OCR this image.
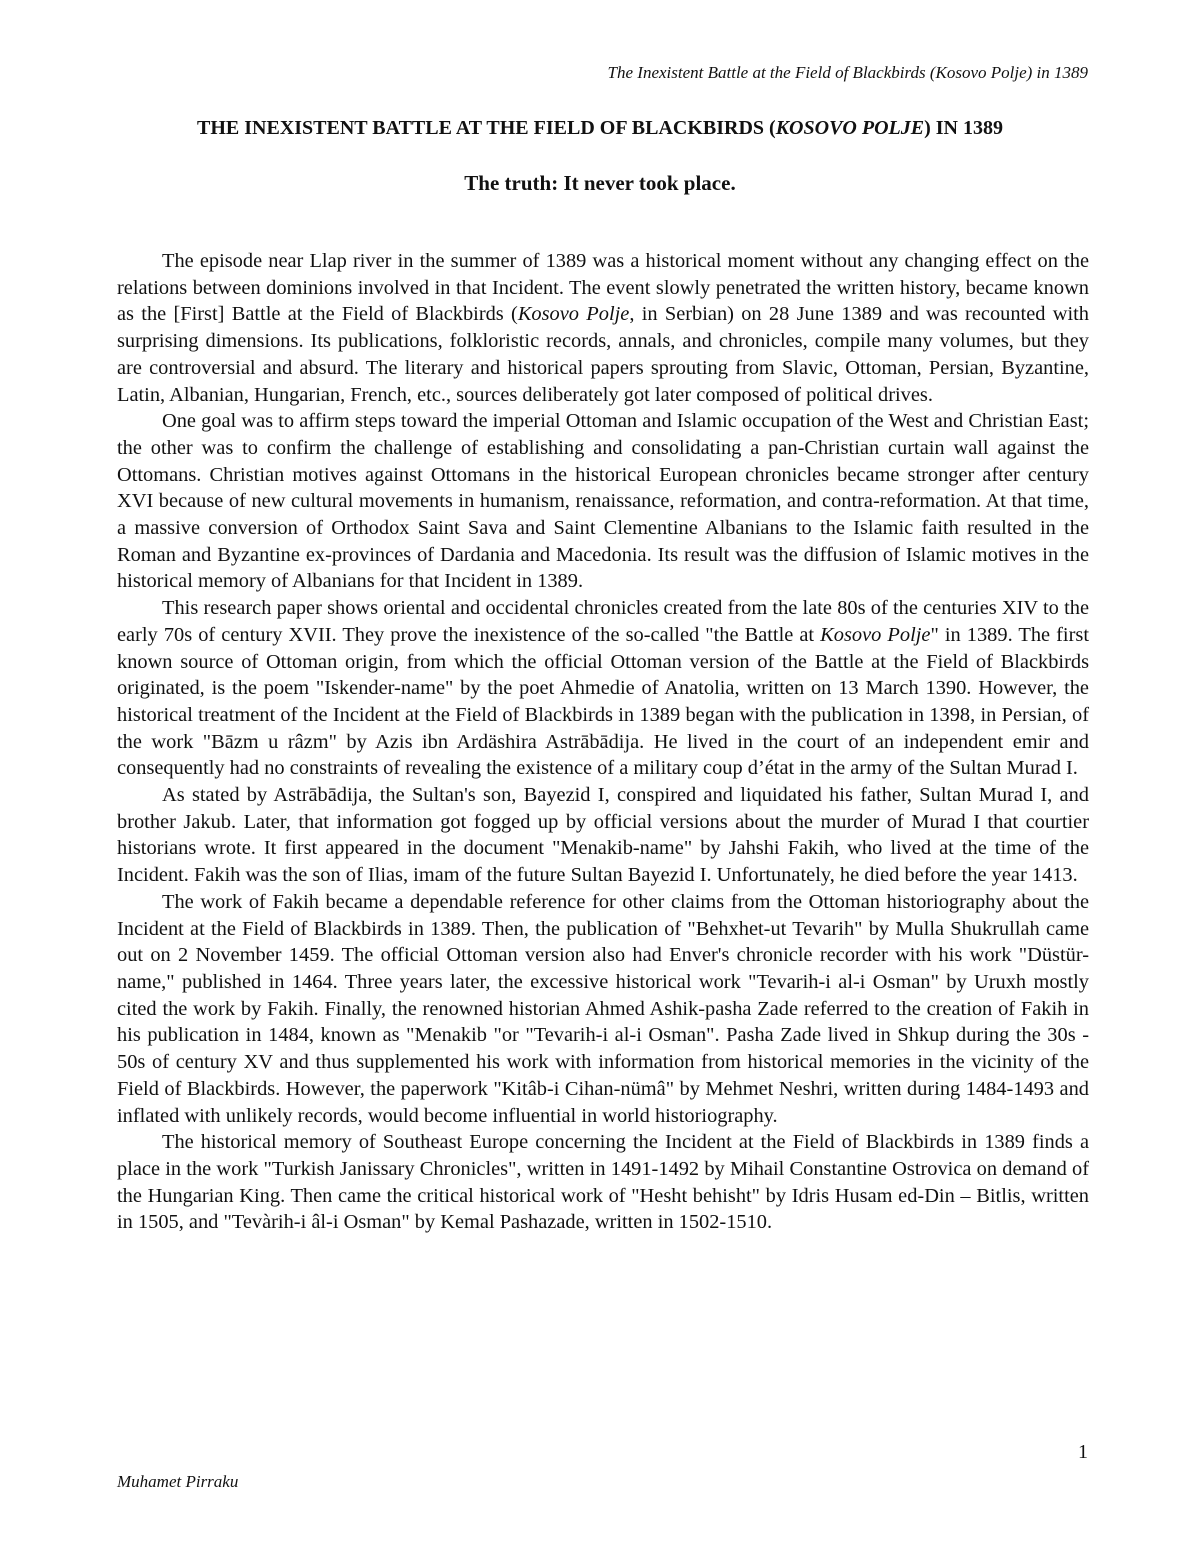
The Inexistent Battle at the Field of Blackbirds (Kosovo Polje) in 1389
THE INEXISTENT BATTLE AT THE FIELD OF BLACKBIRDS (KOSOVO POLJE) IN 1389
The truth: It never took place.

The episode near Llap river in the summer of 1389 was a historical moment without any changing effect on the relations between dominions involved in that Incident. The event slowly penetrated the written history, became known as the [First] Battle at the Field of Blackbirds (Kosovo Polje, in Serbian) on 28 June 1389 and was recounted with surprising dimensions. Its publications, folkloristic records, annals, and chronicles, compile many volumes, but they are controversial and absurd. The literary and historical papers sprouting from Slavic, Ottoman, Persian, Byzantine, Latin, Albanian, Hungarian, French, etc., sources deliberately got later composed of political drives.

One goal was to affirm steps toward the imperial Ottoman and Islamic occupation of the West and Christian East; the other was to confirm the challenge of establishing and consolidating a pan-Christian curtain wall against the Ottomans. Christian motives against Ottomans in the historical European chronicles became stronger after century XVI because of new cultural movements in humanism, renaissance, reformation, and contra-reformation. At that time, a massive conversion of Orthodox Saint Sava and Saint Clementine Albanians to the Islamic faith resulted in the Roman and Byzantine ex-provinces of Dardania and Macedonia. Its result was the diffusion of Islamic motives in the historical memory of Albanians for that Incident in 1389.

This research paper shows oriental and occidental chronicles created from the late 80s of the centuries XIV to the early 70s of century XVII. They prove the inexistence of the so-called "the Battle at Kosovo Polje" in 1389. The first known source of Ottoman origin, from which the official Ottoman version of the Battle at the Field of Blackbirds originated, is the poem "Iskender-name" by the poet Ahmedie of Anatolia, written on 13 March 1390. However, the historical treatment of the Incident at the Field of Blackbirds in 1389 began with the publication in 1398, in Persian, of the work "Bāzm u râzm" by Azis ibn Ardäshira Astrābādija. He lived in the court of an independent emir and consequently had no constraints of revealing the existence of a military coup d’état in the army of the Sultan Murad I.

As stated by Astrābādija, the Sultan's son, Bayezid I, conspired and liquidated his father, Sultan Murad I, and brother Jakub. Later, that information got fogged up by official versions about the murder of Murad I that courtier historians wrote. It first appeared in the document "Menakib-name" by Jahshi Fakih, who lived at the time of the Incident. Fakih was the son of Ilias, imam of the future Sultan Bayezid I. Unfortunately, he died before the year 1413.

The work of Fakih became a dependable reference for other claims from the Ottoman historiography about the Incident at the Field of Blackbirds in 1389. Then, the publication of "Behxhet-ut Tevarih" by Mulla Shukrullah came out on 2 November 1459. The official Ottoman version also had Enver's chronicle recorder with his work "Düstür-name," published in 1464. Three years later, the excessive historical work "Tevarih-i al-i Osman" by Uruxh mostly cited the work by Fakih. Finally, the renowned historian Ahmed Ashik-pasha Zade referred to the creation of Fakih in his publication in 1484, known as "Menakib "or "Tevarih-i al-i Osman". Pasha Zade lived in Shkup during the 30s - 50s of century XV and thus supplemented his work with information from historical memories in the vicinity of the Field of Blackbirds. However, the paperwork "Kitâb-i Cihan-nümâ" by Mehmet Neshri, written during 1484-1493 and inflated with unlikely records, would become influential in world historiography.

The historical memory of Southeast Europe concerning the Incident at the Field of Blackbirds in 1389 finds a place in the work "Turkish Janissary Chronicles", written in 1491-1492 by Mihail Constantine Ostrovica on demand of the Hungarian King. Then came the critical historical work of "Hesht behisht" by Idris Husam ed-Din – Bitlis, written in 1505, and "Tevàrih-i âl-i Osman" by Kemal Pashazade, written in 1502-1510.

1
Muhamet Pirraku
